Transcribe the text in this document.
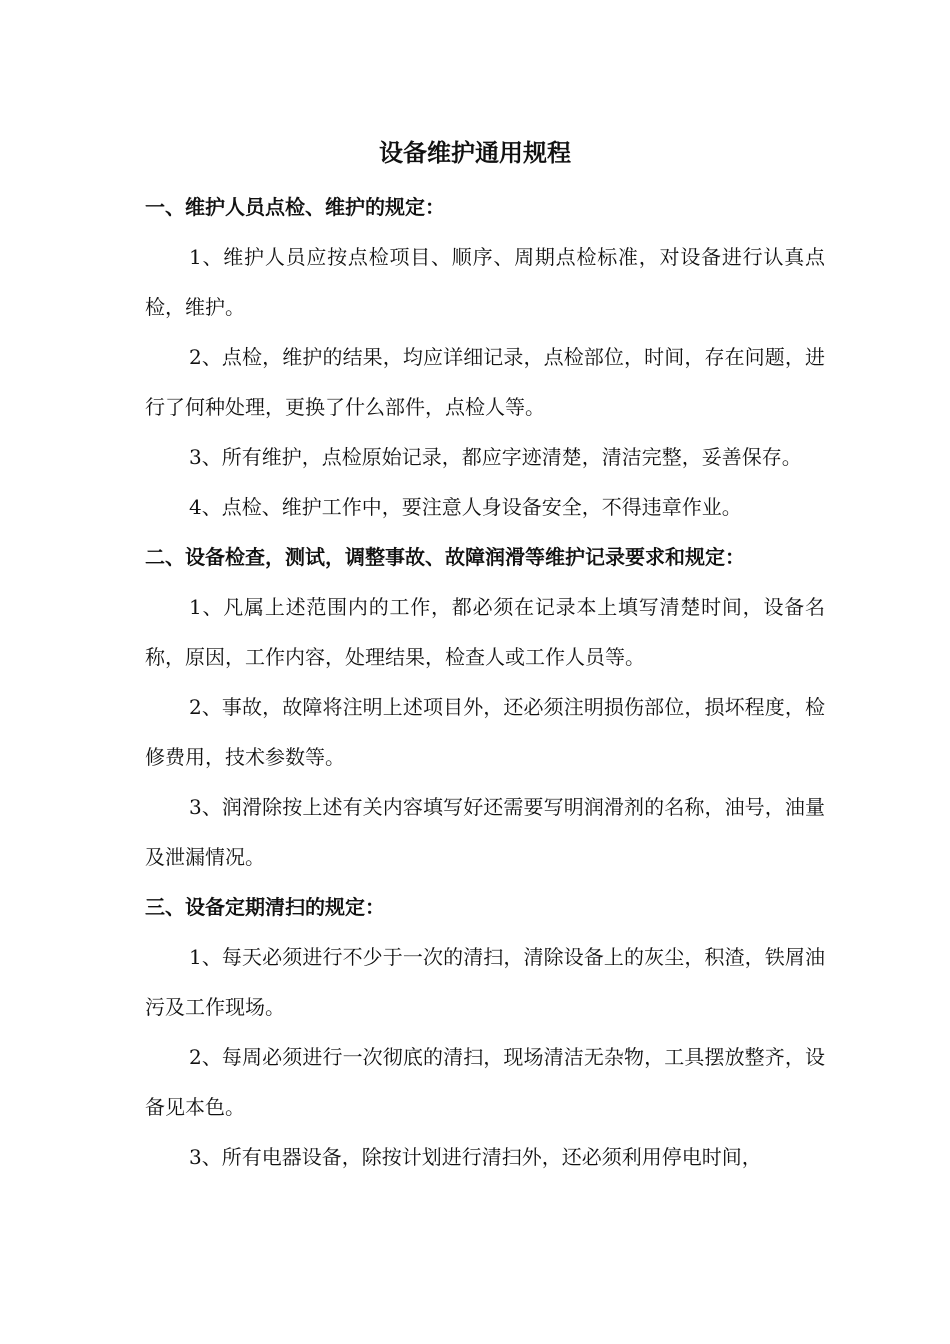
设备维护通用规程

一、维护人员点检、维护的规定：

1、维护人员应按点检项目、顺序、周期点检标准，对设备进行认真点检，维护。

2、点检，维护的结果，均应详细记录，点检部位，时间，存在问题，进行了何种处理，更换了什么部件，点检人等。

3、所有维护，点检原始记录，都应字迹清楚，清洁完整，妥善保存。

4、点检、维护工作中，要注意人身设备安全，不得违章作业。

二、设备检查，测试，调整事故、故障润滑等维护记录要求和规定：

1、凡属上述范围内的工作，都必须在记录本上填写清楚时间，设备名称，原因，工作内容，处理结果，检查人或工作人员等。

2、事故，故障将注明上述项目外，还必须注明损伤部位，损坏程度，检修费用，技术参数等。

3、润滑除按上述有关内容填写好还需要写明润滑剂的名称，油号，油量及泄漏情况。

三、设备定期清扫的规定：

1、每天必须进行不少于一次的清扫，清除设备上的灰尘，积渣，铁屑油污及工作现场。

2、每周必须进行一次彻底的清扫，现场清洁无杂物，工具摆放整齐，设备见本色。

3、所有电器设备，除按计划进行清扫外，还必须利用停电时间，
